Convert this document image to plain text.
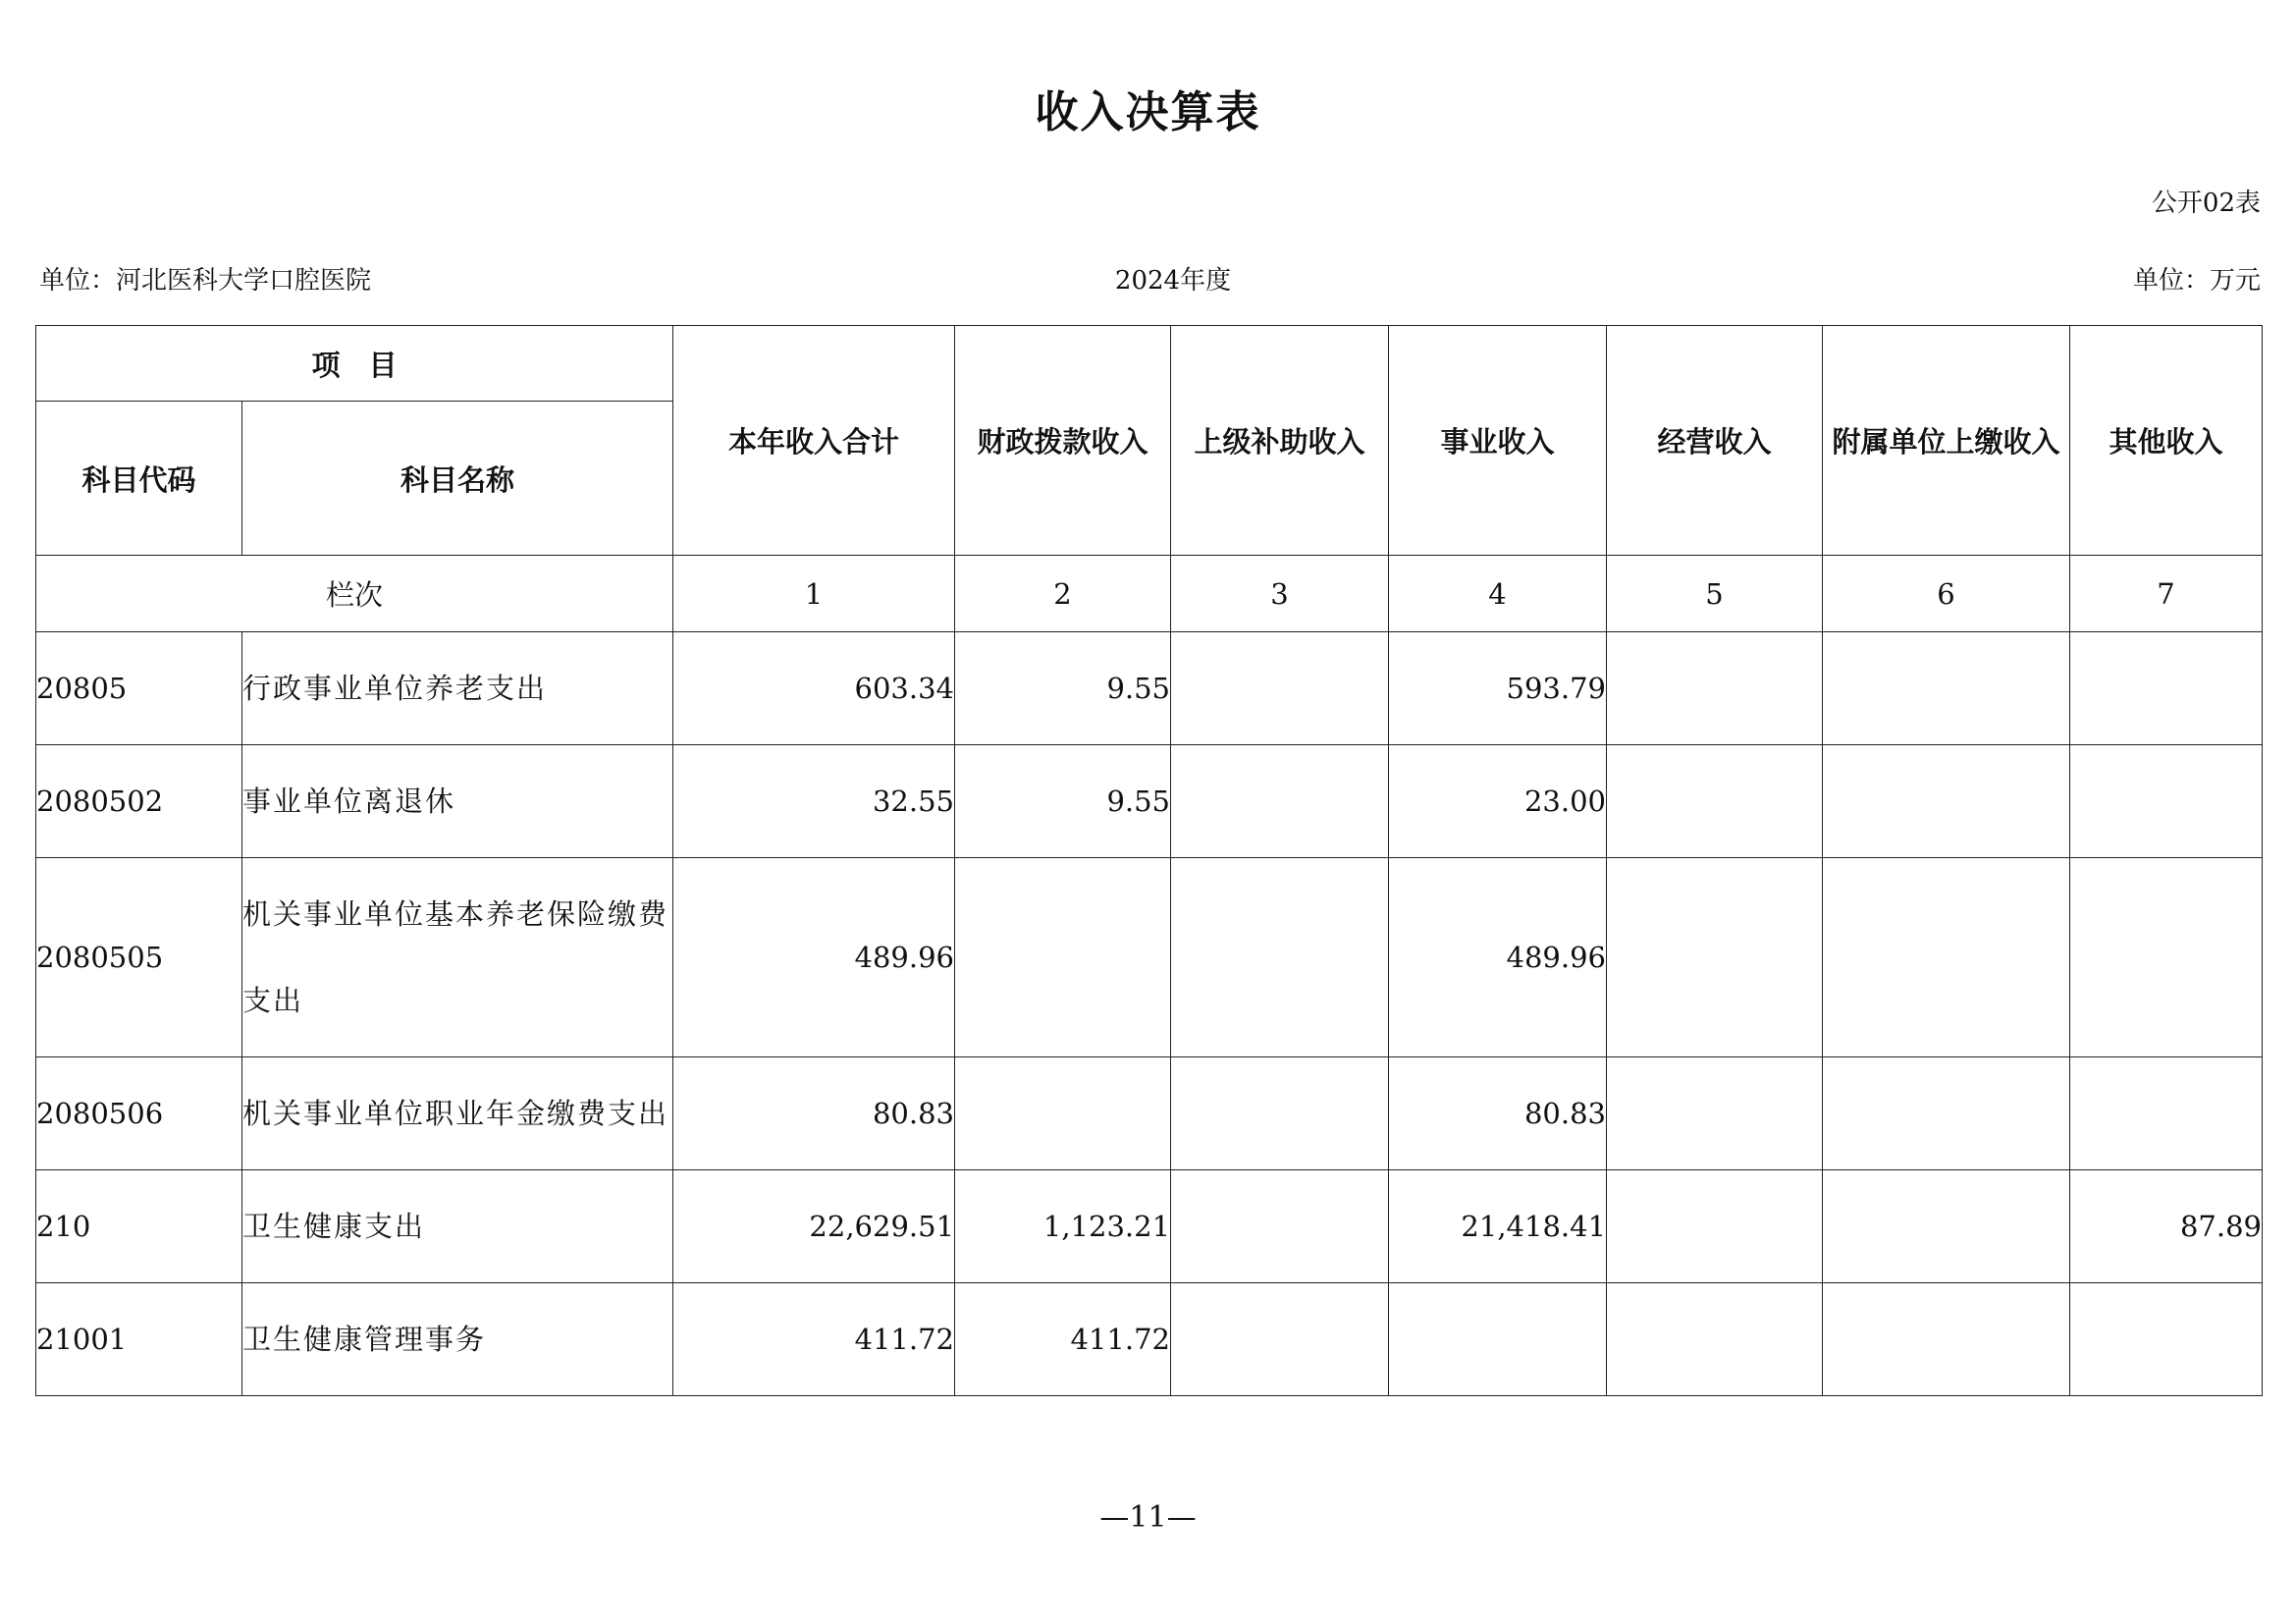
收入决算表
公开02表
单位：河北医科大学口腔医院	2024年度	单位：万元
项　目		本年收入合计	财政拨款收入	上级补助收入	事业收入	经营收入	附属单位上缴收入	其他收入
科目代码	科目名称							
栏次		1	2	3	4	5	6	7
20805	行政事业单位养老支出	603.34	9.55		593.79			
2080502	事业单位离退休	32.55	9.55		23.00			
2080505	机关事业单位基本养老保险缴费支出	489.96			489.96			
2080506	机关事业单位职业年金缴费支出	80.83			80.83			
210	卫生健康支出	22,629.51	1,123.21		21,418.41			87.89
21001	卫生健康管理事务	411.72	411.72					
—11—
